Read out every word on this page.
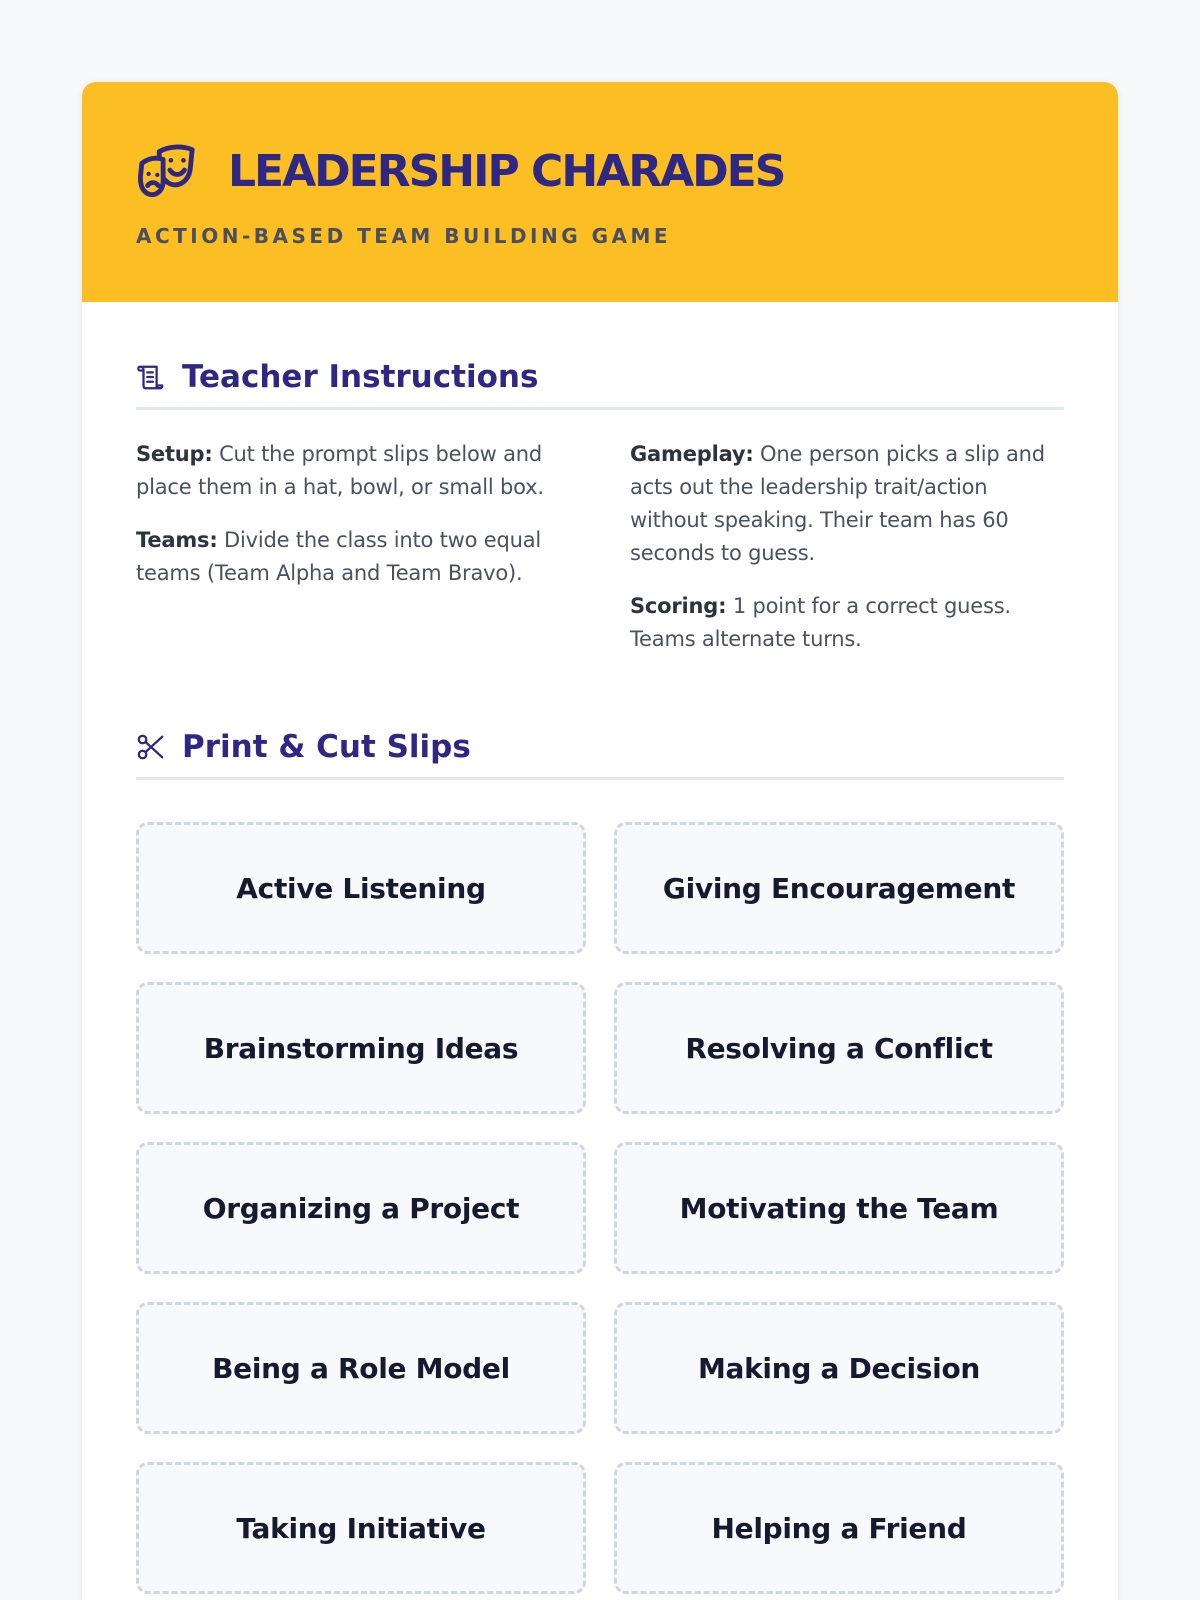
LEADERSHIP CHARADES
ACTION-BASED TEAM BUILDING GAME
Teacher Instructions

Setup: Cut the prompt slips below and place them in a hat, bowl, or small box.

Teams: Divide the class into two equal teams (Team Alpha and Team Bravo).

Gameplay: One person picks a slip and acts out the leadership trait/action without speaking. Their team has 60 seconds to guess.

Scoring: 1 point for a correct guess. Teams alternate turns.

Print & Cut Slips
Active Listening	Giving Encouragement
Brainstorming Ideas	Resolving a Conflict
Organizing a Project	Motivating the Team
Being a Role Model	Making a Decision
Taking Initiative	Helping a Friend
